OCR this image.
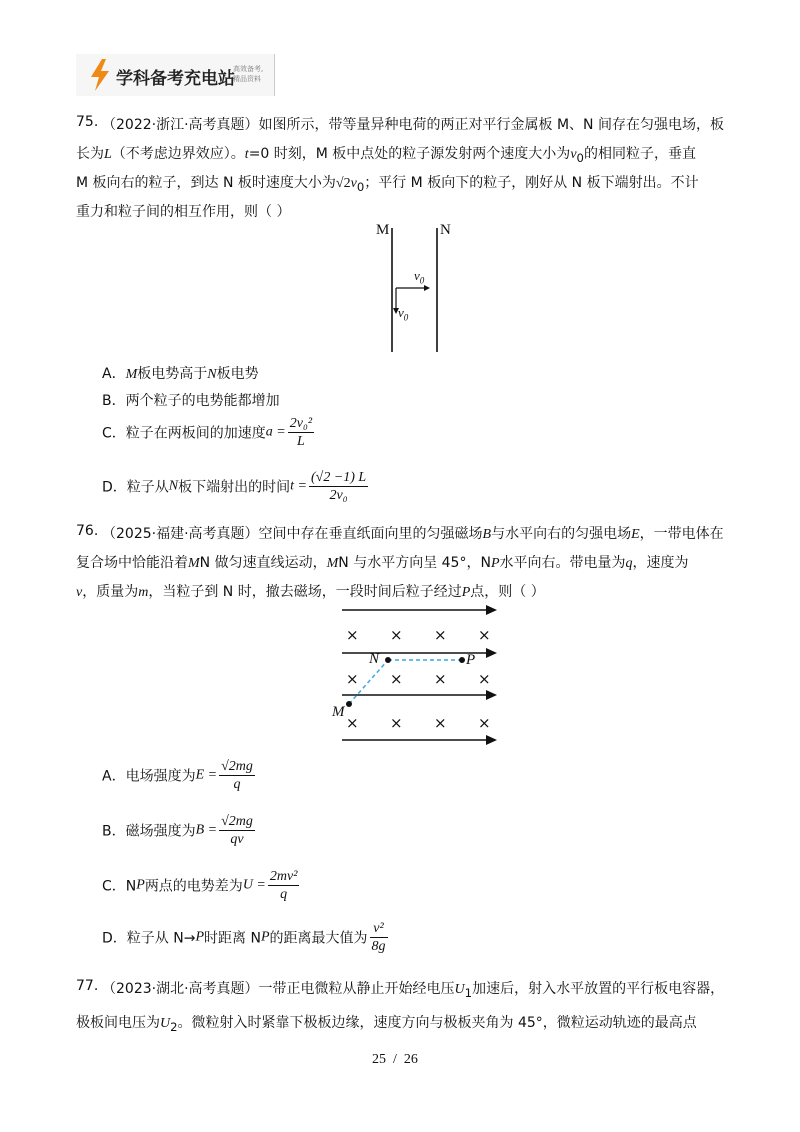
学科备考充电站
高效备考,
精品资料
75. （2022·浙江·高考真题）如图所示，带等量异种电荷的两正对平行金属板 M、N 间存在匀强电场，板
长为L（不考虑边界效应）。t=0 时刻，M 板中点处的粒子源发射两个速度大小为$v_0$的相同粒子，垂直
M 板向右的粒子，到达 N 板时速度大小为$√2v_0$；平行 M 板向下的粒子，刚好从 N 板下端射出。不计
重力和粒子间的相互作用，则（ ）
M	N
$v_0$
$v_0$
A．M板电势高于N板电势
B．两个粒子的电势能都增加
C．粒子在两板间的加速度$a = \frac{\text{2v₀²}}{L}$
D．粒子从N板下端射出的时间$t = \frac{(√2 -1) L}{\text{2v₀}}$
76. （2025·福建·高考真题）空间中存在垂直纸面向里的匀强磁场B与水平向右的匀强电场E，一带电体在
复合场中恰能沿着MN 做匀速直线运动，MN 与水平方向呈 45°，NP水平向右。带电量为q，速度为
v，质量为m，当粒子到 N 时，撤去磁场，一段时间后粒子经过P点，则（ ）
× × × ×
× × × ×
× × × ×
N	P
M
A．电场强度为$E = \frac{√2mg}{q}$
B．磁场强度为$B = \frac{√2mg}{qv}$
C．NP两点的电势差为$U = \frac{\text{2mv²}}{q}$
D．粒子从 N→P时距离 NP的距离最大值为 $\frac{\text{v²}}{8g}$
77. （2023·湖北·高考真题）一带正电微粒从静止开始经电压$U_1$加速后，射入水平放置的平行板电容器，
极板间电压为$U_2$。微粒射入时紧靠下极板边缘，速度方向与极板夹角为 45°，微粒运动轨迹的最高点
25  /  26
